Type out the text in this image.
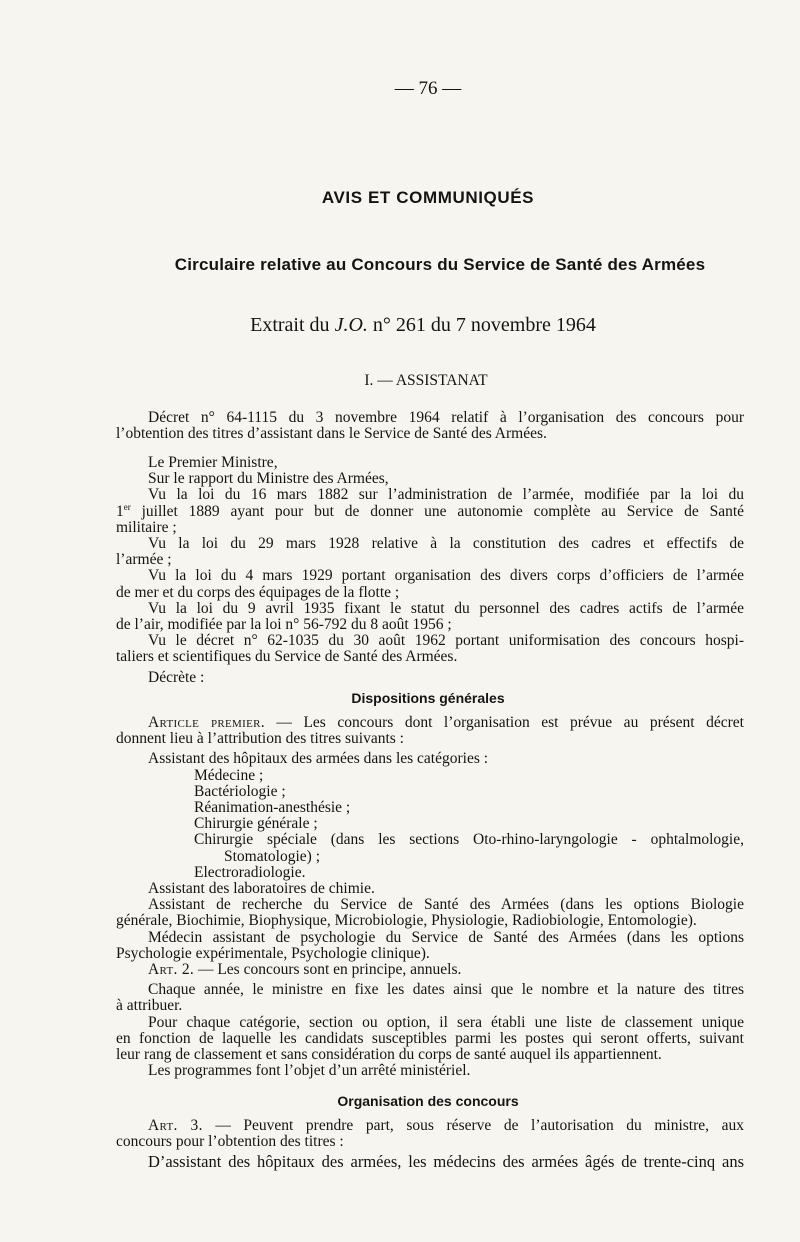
— 76 —
AVIS ET COMMUNIQUÉS
Circulaire relative au Concours du Service de Santé des Armées
Extrait du J.O. n° 261 du 7 novembre 1964
I. — ASSISTANAT
Décret n° 64-1115 du 3 novembre 1964 relatif à l’organisation des concours pour
l’obtention des titres d’assistant dans le Service de Santé des Armées.
Le Premier Ministre,
Sur le rapport du Ministre des Armées,
Vu la loi du 16 mars 1882 sur l’administration de l’armée, modifiée par la loi du
1er juillet 1889 ayant pour but de donner une autonomie complète au Service de Santé
militaire ;
Vu la loi du 29 mars 1928 relative à la constitution des cadres et effectifs de
l’armée ;
Vu la loi du 4 mars 1929 portant organisation des divers corps d’officiers de l’armée
de mer et du corps des équipages de la flotte ;
Vu la loi du 9 avril 1935 fixant le statut du personnel des cadres actifs de l’armée
de l’air, modifiée par la loi n° 56-792 du 8 août 1956 ;
Vu le décret n° 62-1035 du 30 août 1962 portant uniformisation des concours hospi-
taliers et scientifiques du Service de Santé des Armées.
Décrète :
Dispositions générales
Article premier. — Les concours dont l’organisation est prévue au présent décret
donnent lieu à l’attribution des titres suivants :
Assistant des hôpitaux des armées dans les catégories :
Médecine ;
Bactériologie ;
Réanimation-anesthésie ;
Chirurgie générale ;
Chirurgie spéciale (dans les sections Oto-rhino-laryngologie - ophtalmologie,
Stomatologie) ;
Electroradiologie.
Assistant des laboratoires de chimie.
Assistant de recherche du Service de Santé des Armées (dans les options Biologie
générale, Biochimie, Biophysique, Microbiologie, Physiologie, Radiobiologie, Entomologie).
Médecin assistant de psychologie du Service de Santé des Armées (dans les options
Psychologie expérimentale, Psychologie clinique).
Art. 2. — Les concours sont en principe, annuels.
Chaque année, le ministre en fixe les dates ainsi que le nombre et la nature des titres
à attribuer.
Pour chaque catégorie, section ou option, il sera établi une liste de classement unique
en fonction de laquelle les candidats susceptibles parmi les postes qui seront offerts, suivant
leur rang de classement et sans considération du corps de santé auquel ils appartiennent.
Les programmes font l’objet d’un arrêté ministériel.
Organisation des concours
Art. 3. — Peuvent prendre part, sous réserve de l’autorisation du ministre, aux
concours pour l’obtention des titres :
D’assistant des hôpitaux des armées, les médecins des armées âgés de trente-cinq ans
